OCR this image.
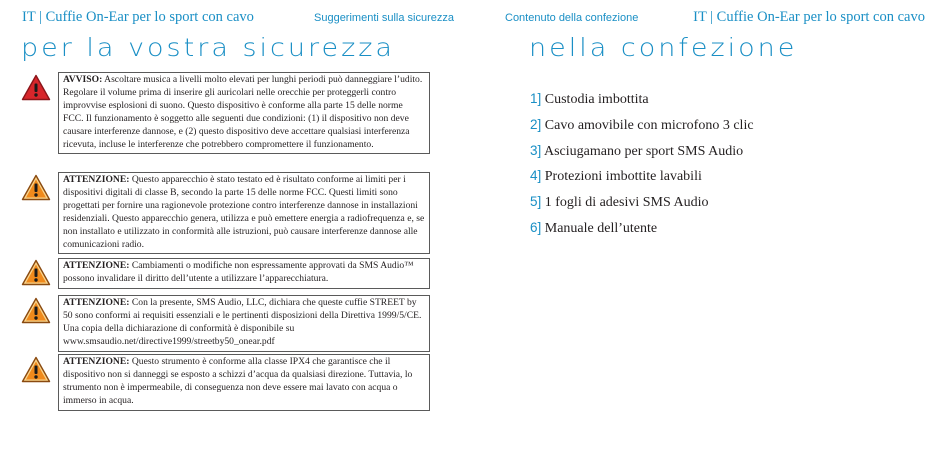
IT | Cuffie On-Ear per lo sport con cavo	Suggerimenti sulla sicurezza	Contenuto della confezione	IT | Cuffie On-Ear per lo sport con cavo
per la vostra sicurezza	nella confezione
AVVISO: Ascoltare musica a livelli molto elevati per lunghi periodi può danneggiare l’udito. Regolare il volume prima di inserire gli auricolari nelle orecchie per proteggerli contro improvvise esplosioni di suono. Questo dispositivo è conforme alla parte 15 delle norme FCC. Il funzionamento è soggetto alle seguenti due condizioni: (1) il dispositivo non deve causare interferenze dannose, e (2) questo dispositivo deve accettare qualsiasi interferenza ricevuta, incluse le interferenze che potrebbero compromettere il funzionamento.
ATTENZIONE: Questo apparecchio è stato testato ed è risultato conforme ai limiti per i dispositivi digitali di classe B, secondo la parte 15 delle norme FCC. Questi limiti sono progettati per fornire una ragionevole protezione contro interferenze dannose in installazioni residenziali. Questo apparecchio genera, utilizza e può emettere energia a radiofrequenza e, se non installato e utilizzato in conformità alle istruzioni, può causare interferenze dannose alle comunicazioni radio.
ATTENZIONE: Cambiamenti o modifiche non espressamente approvati da SMS Audio™ possono invalidare il diritto dell’utente a utilizzare l’apparecchiatura.
ATTENZIONE: Con la presente, SMS Audio, LLC, dichiara che queste cuffie STREET by 50 sono conformi ai requisiti essenziali e le pertinenti disposizioni della Direttiva 1999/5/CE. Una copia della dichiarazione di conformità è disponibile su www.smsaudio.net/directive1999/streetby50_onear.pdf
ATTENZIONE: Questo strumento è conforme alla classe IPX4 che garantisce che il dispositivo non si danneggi se esposto a schizzi d’acqua da qualsiasi direzione. Tuttavia, lo strumento non è impermeabile, di conseguenza non deve essere mai lavato con acqua o immerso in acqua.
1] Custodia imbottita
2] Cavo amovibile con microfono 3 clic
3] Asciugamano per sport SMS Audio
4] Protezioni imbottite lavabili
5] 1 fogli di adesivi SMS Audio
6] Manuale dell’utente
